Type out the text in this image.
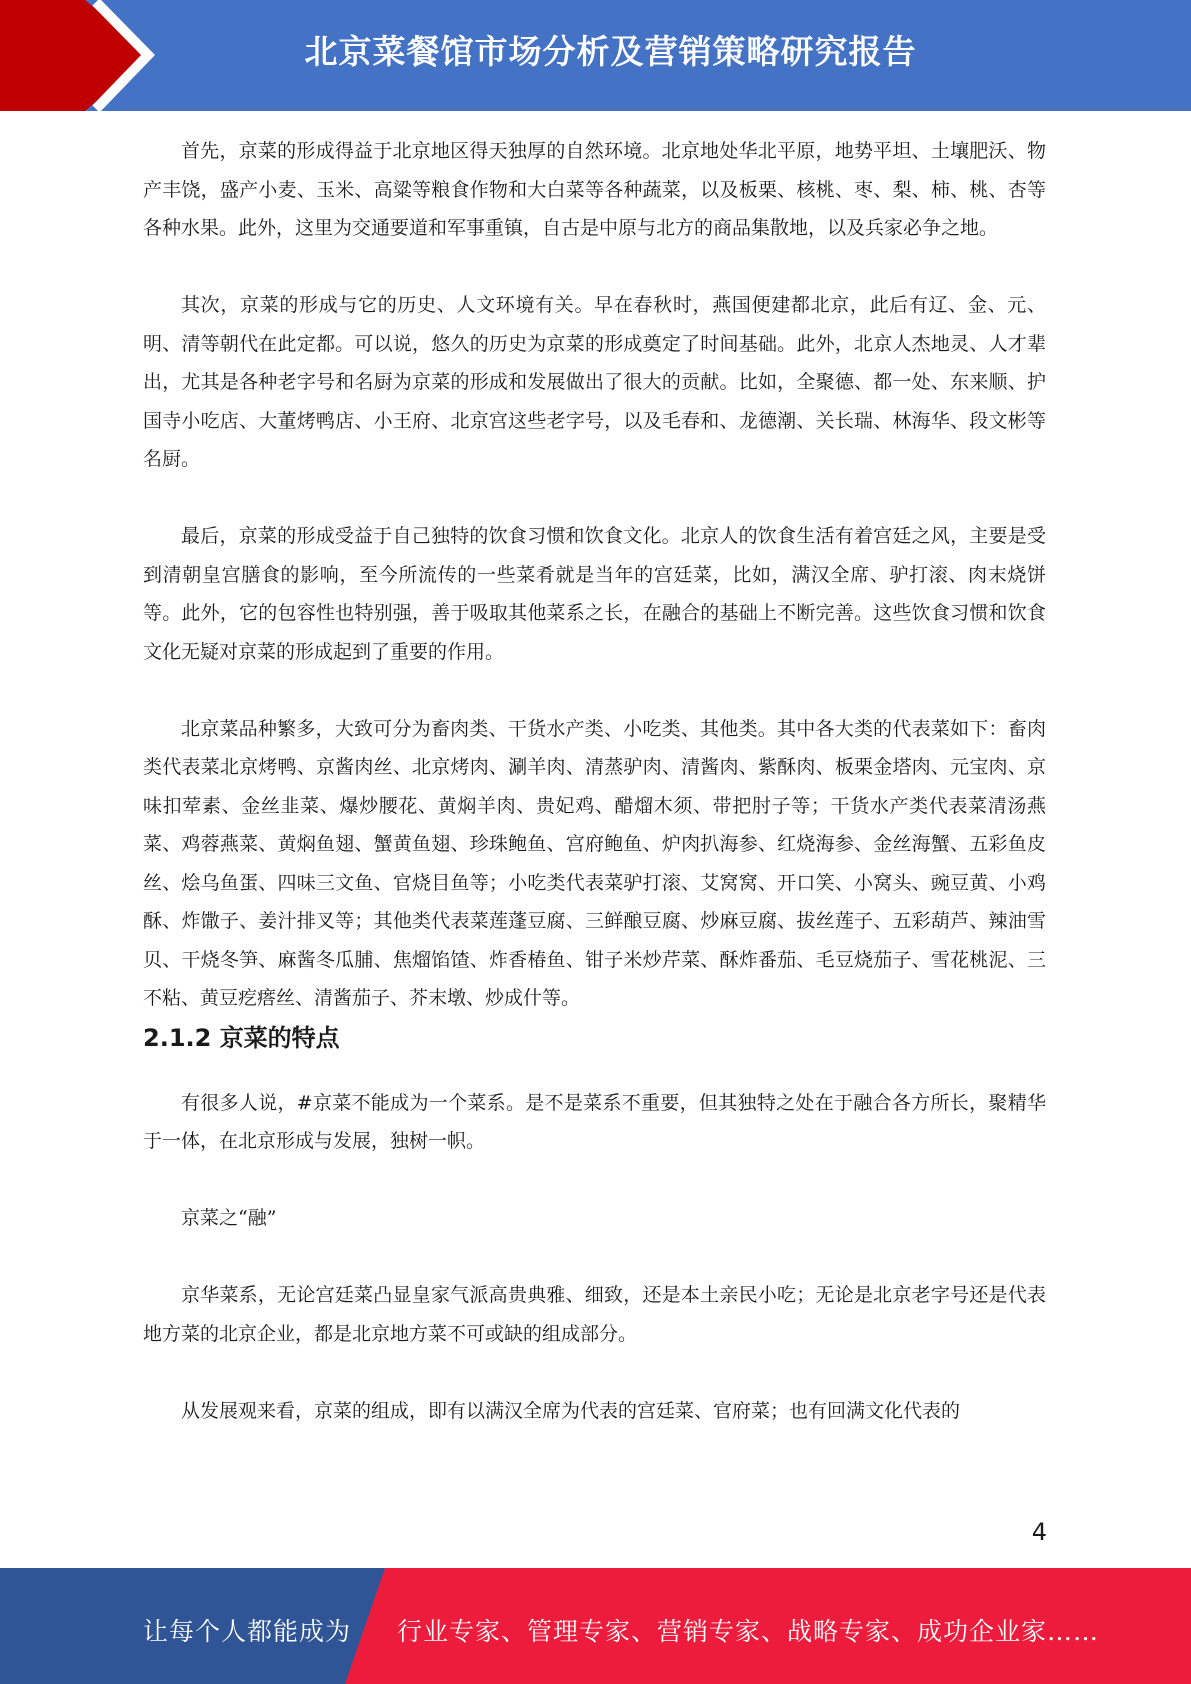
北京菜餐馆市场分析及营销策略研究报告

首先，京菜的形成得益于北京地区得天独厚的自然环境。北京地处华北平原，地势平坦、土壤肥沃、物产丰饶，盛产小麦、玉米、高粱等粮食作物和大白菜等各种蔬菜，以及板栗、核桃、枣、梨、柿、桃、杏等各种水果。此外，这里为交通要道和军事重镇，自古是中原与北方的商品集散地，以及兵家必争之地。

其次，京菜的形成与它的历史、人文环境有关。早在春秋时，燕国便建都北京，此后有辽、金、元、明、清等朝代在此定都。可以说，悠久的历史为京菜的形成奠定了时间基础。此外，北京人杰地灵、人才辈出，尤其是各种老字号和名厨为京菜的形成和发展做出了很大的贡献。比如，全聚德、都一处、东来顺、护国寺小吃店、大董烤鸭店、小王府、北京宫这些老字号，以及毛春和、龙德潮、关长瑞、林海华、段文彬等名厨。

最后，京菜的形成受益于自己独特的饮食习惯和饮食文化。北京人的饮食生活有着宫廷之风，主要是受到清朝皇宫膳食的影响，至今所流传的一些菜肴就是当年的宫廷菜，比如，满汉全席、驴打滚、肉末烧饼等。此外，它的包容性也特别强，善于吸取其他菜系之长，在融合的基础上不断完善。这些饮食习惯和饮食文化无疑对京菜的形成起到了重要的作用。

北京菜品种繁多，大致可分为畜肉类、干货水产类、小吃类、其他类。其中各大类的代表菜如下：畜肉类代表菜北京烤鸭、京酱肉丝、北京烤肉、涮羊肉、清蒸驴肉、清酱肉、紫酥肉、板栗金塔肉、元宝肉、京味扣荤素、金丝韭菜、爆炒腰花、黄焖羊肉、贵妃鸡、醋熘木须、带把肘子等；干货水产类代表菜清汤燕菜、鸡蓉燕菜、黄焖鱼翅、蟹黄鱼翅、珍珠鲍鱼、宫府鲍鱼、炉肉扒海参、红烧海参、金丝海蟹、五彩鱼皮丝、烩乌鱼蛋、四味三文鱼、官烧目鱼等；小吃类代表菜驴打滚、艾窝窝、开口笑、小窝头、豌豆黄、小鸡酥、炸馓子、姜汁排叉等；其他类代表菜莲蓬豆腐、三鲜酿豆腐、炒麻豆腐、拔丝莲子、五彩葫芦、辣油雪贝、干烧冬笋、麻酱冬瓜脯、焦熘馅馇、炸香椿鱼、钳子米炒芹菜、酥炸番茄、毛豆烧茄子、雪花桃泥、三不粘、黄豆疙瘩丝、清酱茄子、芥末墩、炒成什等。

2.1.2 京菜的特点

有很多人说，#京菜不能成为一个菜系。是不是菜系不重要，但其独特之处在于融合各方所长，聚精华于一体，在北京形成与发展，独树一帜。

京菜之“融”

京华菜系，无论宫廷菜凸显皇家气派高贵典雅、细致，还是本土亲民小吃；无论是北京老字号还是代表地方菜的北京企业，都是北京地方菜不可或缺的组成部分。

从发展观来看，京菜的组成，即有以满汉全席为代表的宫廷菜、官府菜；也有回满文化代表的

4
让每个人都能成为 行业专家、管理专家、营销专家、战略专家、成功企业家……
